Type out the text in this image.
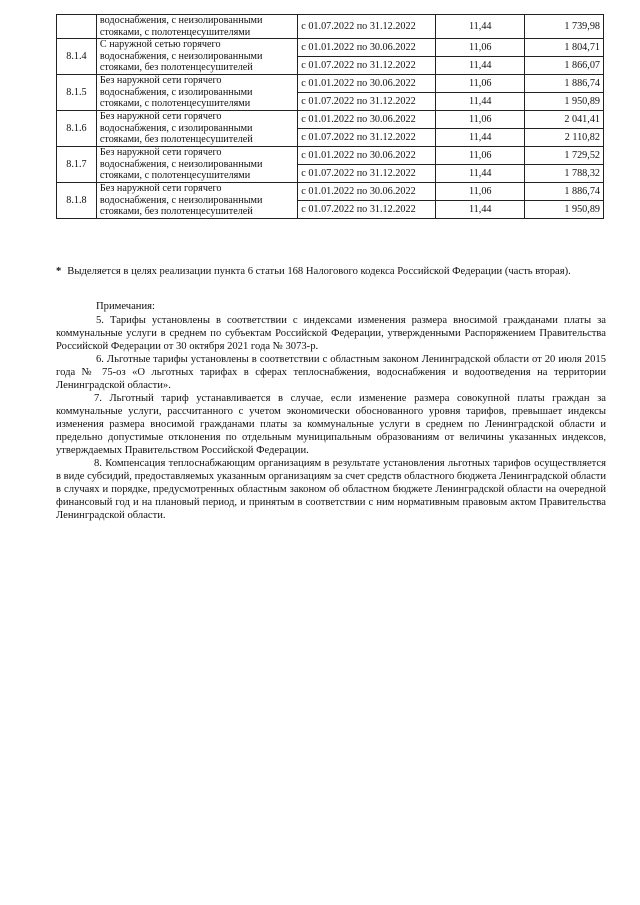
	водоснабжения, с неизолированными
стояками, с полотенцесушителями	с 01.07.2022 по 31.12.2022	11,44	1 739,98
8.1.4	С наружной сетью горячего
водоснабжения, с неизолированными
стояками, без полотенцесушителей	с 01.01.2022 по 30.06.2022	11,06	1 804,71
		с 01.07.2022 по 31.12.2022	11,44	1 866,07
8.1.5	Без наружной сети горячего
водоснабжения, с изолированными
стояками, с полотенцесушителями	с 01.01.2022 по 30.06.2022	11,06	1 886,74
		с 01.07.2022 по 31.12.2022	11,44	1 950,89
8.1.6	Без наружной сети горячего
водоснабжения, с изолированными
стояками, без полотенцесушителей	с 01.01.2022 по 30.06.2022	11,06	2 041,41
		с 01.07.2022 по 31.12.2022	11,44	2 110,82
8.1.7	Без наружной сети горячего
водоснабжения, с неизолированными
стояками, с полотенцесушителями	с 01.01.2022 по 30.06.2022	11,06	1 729,52
		с 01.07.2022 по 31.12.2022	11,44	1 788,32
8.1.8	Без наружной сети горячего
водоснабжения, с неизолированными
стояками, без полотенцесушителей	с 01.01.2022 по 30.06.2022	11,06	1 886,74
		с 01.07.2022 по 31.12.2022	11,44	1 950,89
* Выделяется в целях реализации пункта 6 статьи 168 Налогового кодекса Российской Федерации (часть вторая).

Примечания:

5. Тарифы установлены в соответствии с индексами изменения размера вносимой гражданами платы за коммунальные услуги в среднем по субъектам Российской Федерации, утвержденными Распоряжением Правительства Российской Федерации от 30 октября 2021 года № 3073-р.

6. Льготные тарифы установлены в соответствии с областным законом Ленинградской области от 20 июля 2015 года № 75-оз «О льготных тарифах в сферах теплоснабжения, водоснабжения и водоотведения на территории Ленинградской области».

7. Льготный тариф устанавливается в случае, если изменение размера совокупной платы граждан за коммунальные услуги, рассчитанного с учетом экономически обоснованного уровня тарифов, превышает индексы изменения размера вносимой гражданами платы за коммунальные услуги в среднем по Ленинградской области и предельно допустимые отклонения по отдельным муниципальным образованиям от величины указанных индексов, утверждаемых Правительством Российской Федерации.

8. Компенсация теплоснабжающим организациям в результате установления льготных тарифов осуществляется в виде субсидий, предоставляемых указанным организациям за счет средств областного бюджета Ленинградской области в случаях и порядке, предусмотренных областным законом об областном бюджете Ленинградской области на очередной финансовый год и на плановый период, и принятым в соответствии с ним нормативным правовым актом Правительства Ленинградской области.
